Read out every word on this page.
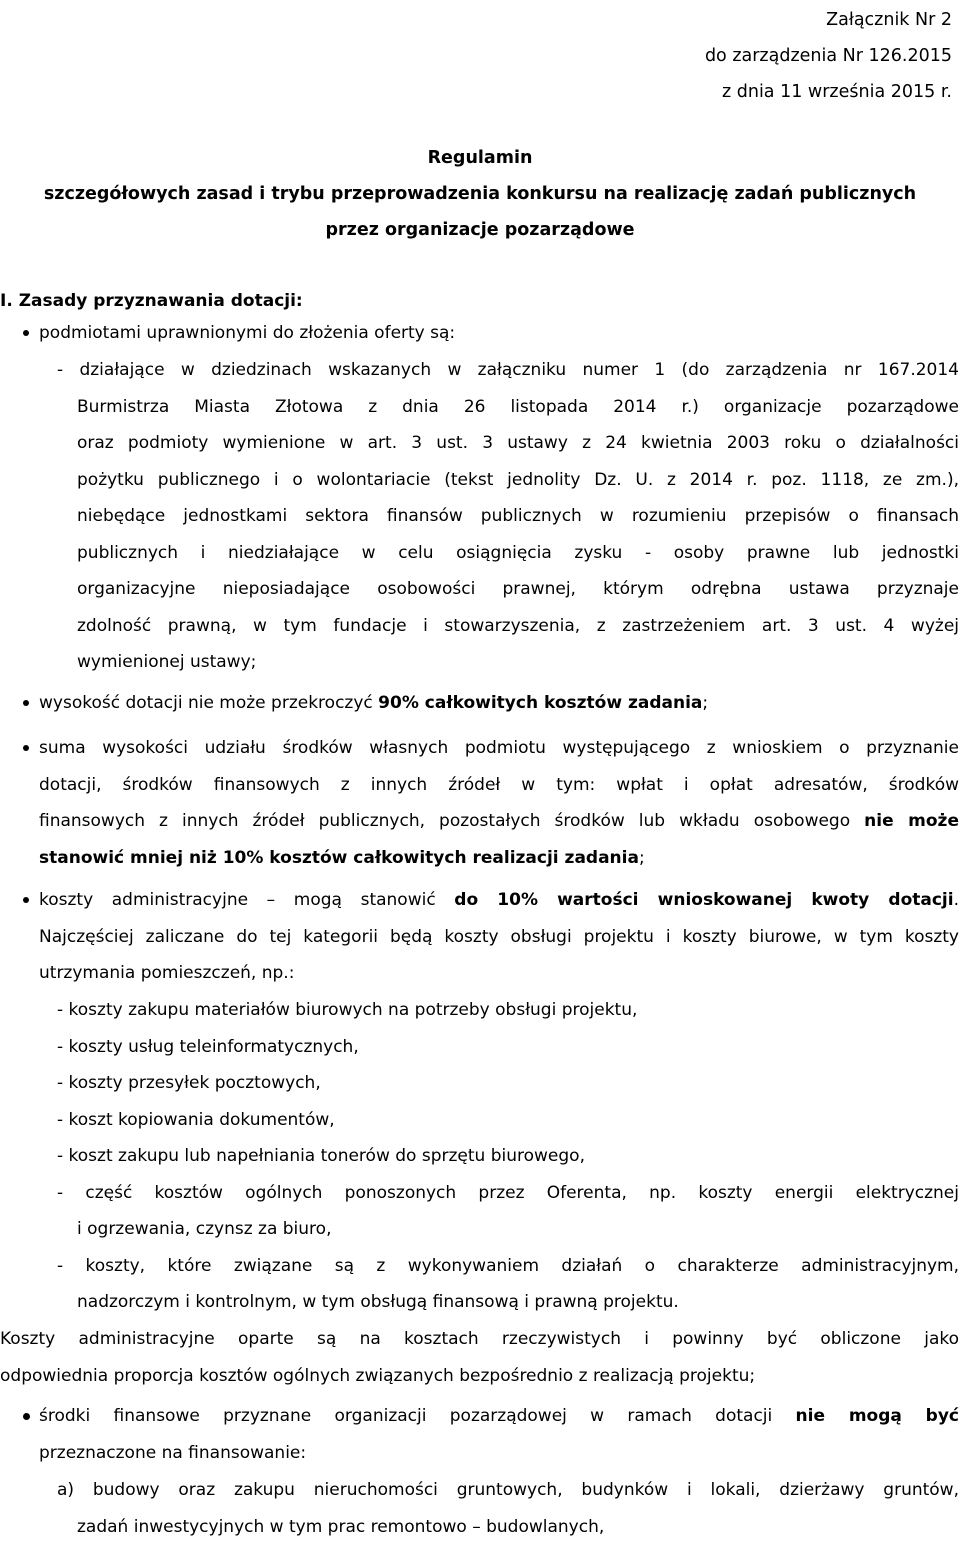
Załącznik Nr 2
do zarządzenia Nr 126.2015
z dnia 11 września 2015 r.
Regulamin
szczegółowych zasad i trybu przeprowadzenia konkursu na realizację zadań publicznych
przez organizacje pozarządowe
I. Zasady przyznawania dotacji:
podmiotami uprawnionymi do złożenia oferty są:
- działające w dziedzinach wskazanych w załączniku numer 1 (do zarządzenia nr 167.2014
Burmistrza Miasta Złotowa z dnia 26 listopada 2014 r.) organizacje pozarządowe
oraz podmioty wymienione w art. 3 ust. 3 ustawy z 24 kwietnia 2003 roku o działalności
pożytku publicznego i o wolontariacie (tekst jednolity Dz. U. z 2014 r. poz. 1118, ze zm.),
niebędące jednostkami sektora finansów publicznych w rozumieniu przepisów o finansach
publicznych i niedziałające w celu osiągnięcia zysku - osoby prawne lub jednostki
organizacyjne nieposiadające osobowości prawnej, którym odrębna ustawa przyznaje
zdolność prawną, w tym fundacje i stowarzyszenia, z zastrzeżeniem art. 3 ust. 4 wyżej
wymienionej ustawy;
wysokość dotacji nie może przekroczyć 90% całkowitych kosztów zadania;
suma wysokości udziału środków własnych podmiotu występującego z wnioskiem o przyznanie
dotacji, środków finansowych z innych źródeł w tym: wpłat i opłat adresatów, środków
finansowych z innych źródeł publicznych, pozostałych środków lub wkładu osobowego nie może
stanowić mniej niż 10% kosztów całkowitych realizacji zadania;
koszty administracyjne – mogą stanowić do 10% wartości wnioskowanej kwoty dotacji.
Najczęściej zaliczane do tej kategorii będą koszty obsługi projektu i koszty biurowe, w tym koszty
utrzymania pomieszczeń, np.:
- koszty zakupu materiałów biurowych na potrzeby obsługi projektu,
- koszty usług teleinformatycznych,
- koszty przesyłek pocztowych,
- koszt kopiowania dokumentów,
- koszt zakupu lub napełniania tonerów do sprzętu biurowego,
- część kosztów ogólnych ponoszonych przez Oferenta, np. koszty energii elektrycznej
i ogrzewania, czynsz za biuro,
- koszty, które związane są z wykonywaniem działań o charakterze administracyjnym,
nadzorczym i kontrolnym, w tym obsługą finansową i prawną projektu.
Koszty administracyjne oparte są na kosztach rzeczywistych i powinny być obliczone jako
odpowiednia proporcja kosztów ogólnych związanych bezpośrednio z realizacją projektu;
środki finansowe przyznane organizacji pozarządowej w ramach dotacji nie mogą być
przeznaczone na finansowanie:
a) budowy oraz zakupu nieruchomości gruntowych, budynków i lokali, dzierżawy gruntów,
zadań inwestycyjnych w tym prac remontowo – budowlanych,
